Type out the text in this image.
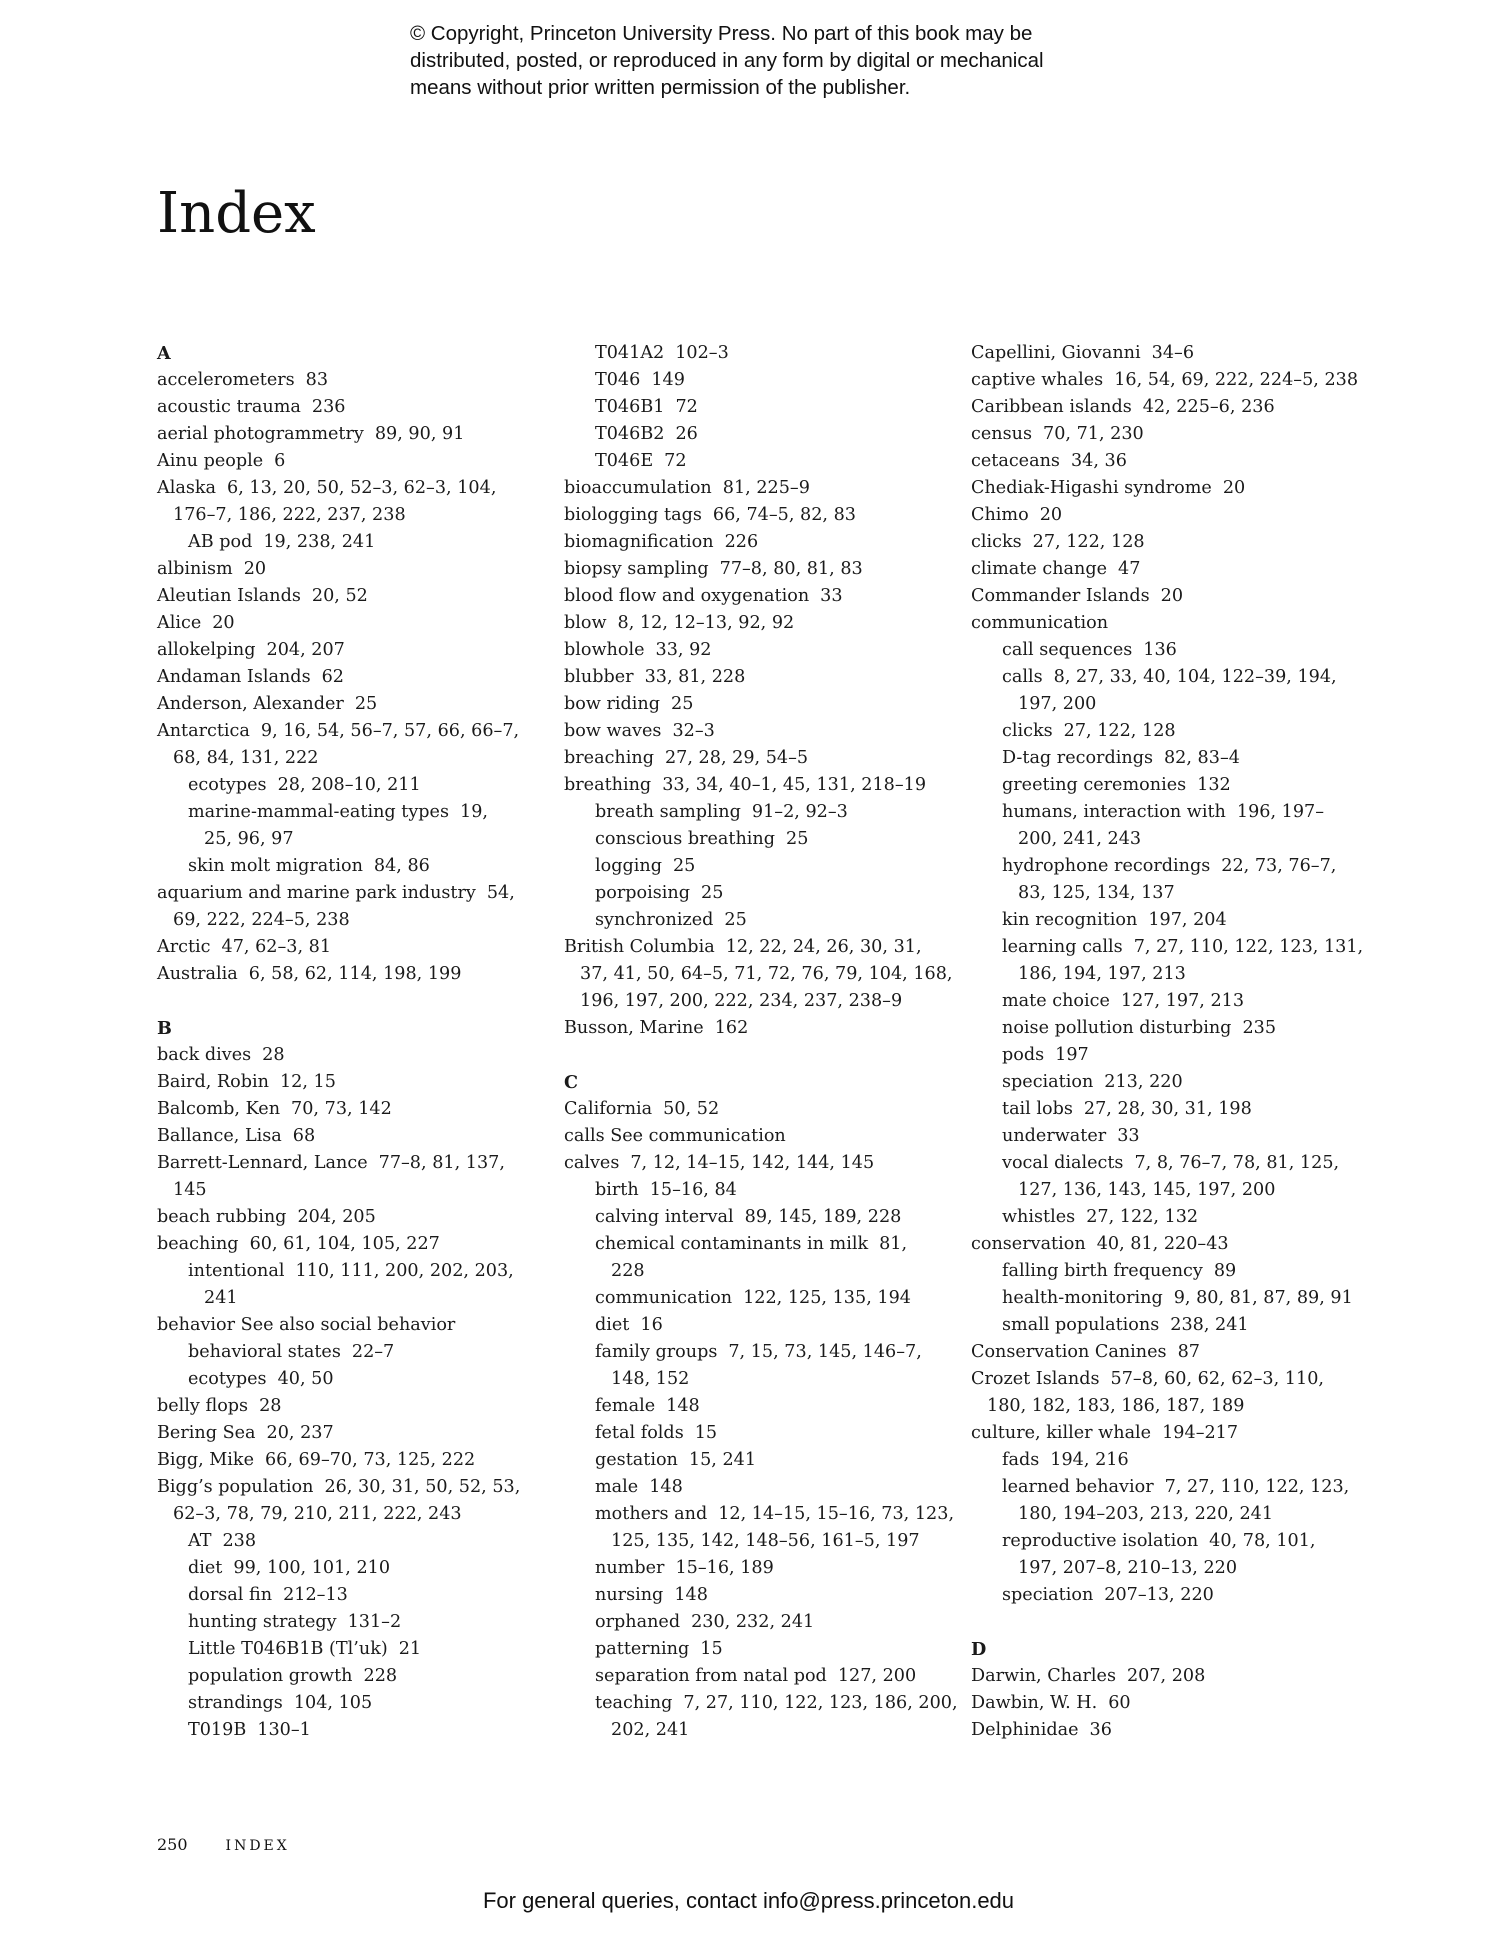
© Copyright, Princeton University Press. No part of this book may be
distributed, posted, or reproduced in any form by digital or mechanical
means without prior written permission of the publisher.
Index
A
accelerometers 83
acoustic trauma 236
aerial photogrammetry 89, 90, 91
Ainu people 6
Alaska 6, 13, 20, 50, 52–3, 62–3, 104,
176–7, 186, 222, 237, 238
AB pod 19, 238, 241
albinism 20
Aleutian Islands 20, 52
Alice 20
allokelping 204, 207
Andaman Islands 62
Anderson, Alexander 25
Antarctica 9, 16, 54, 56–7, 57, 66, 66–7,
68, 84, 131, 222
ecotypes 28, 208–10, 211
marine-mammal-eating types 19,
25, 96, 97
skin molt migration 84, 86
aquarium and marine park industry 54,
69, 222, 224–5, 238
Arctic 47, 62–3, 81
Australia 6, 58, 62, 114, 198, 199
B
back dives 28
Baird, Robin 12, 15
Balcomb, Ken 70, 73, 142
Ballance, Lisa 68
Barrett-Lennard, Lance 77–8, 81, 137,
145
beach rubbing 204, 205
beaching 60, 61, 104, 105, 227
intentional 110, 111, 200, 202, 203,
241
behavior See also social behavior
behavioral states 22–7
ecotypes 40, 50
belly flops 28
Bering Sea 20, 237
Bigg, Mike 66, 69–70, 73, 125, 222
Bigg’s population 26, 30, 31, 50, 52, 53,
62–3, 78, 79, 210, 211, 222, 243
AT 238
diet 99, 100, 101, 210
dorsal fin 212–13
hunting strategy 131–2
Little T046B1B (Tl’uk) 21
population growth 228
strandings 104, 105
T019B 130–1
T041A2 102–3
T046 149
T046B1 72
T046B2 26
T046E 72
bioaccumulation 81, 225–9
biologging tags 66, 74–5, 82, 83
biomagnification 226
biopsy sampling 77–8, 80, 81, 83
blood flow and oxygenation 33
blow 8, 12, 12–13, 92, 92
blowhole 33, 92
blubber 33, 81, 228
bow riding 25
bow waves 32–3
breaching 27, 28, 29, 54–5
breathing 33, 34, 40–1, 45, 131, 218–19
breath sampling 91–2, 92–3
conscious breathing 25
logging 25
porpoising 25
synchronized 25
British Columbia 12, 22, 24, 26, 30, 31,
37, 41, 50, 64–5, 71, 72, 76, 79, 104, 168,
196, 197, 200, 222, 234, 237, 238–9
Busson, Marine 162
C
California 50, 52
calls See communication
calves 7, 12, 14–15, 142, 144, 145
birth 15–16, 84
calving interval 89, 145, 189, 228
chemical contaminants in milk 81,
228
communication 122, 125, 135, 194
diet 16
family groups 7, 15, 73, 145, 146–7,
148, 152
female 148
fetal folds 15
gestation 15, 241
male 148
mothers and 12, 14–15, 15–16, 73, 123,
125, 135, 142, 148–56, 161–5, 197
number 15–16, 189
nursing 148
orphaned 230, 232, 241
patterning 15
separation from natal pod 127, 200
teaching 7, 27, 110, 122, 123, 186, 200,
202, 241
Capellini, Giovanni 34–6
captive whales 16, 54, 69, 222, 224–5, 238
Caribbean islands 42, 225–6, 236
census 70, 71, 230
cetaceans 34, 36
Chediak-Higashi syndrome 20
Chimo 20
clicks 27, 122, 128
climate change 47
Commander Islands 20
communication
call sequences 136
calls 8, 27, 33, 40, 104, 122–39, 194,
197, 200
clicks 27, 122, 128
D-tag recordings 82, 83–4
greeting ceremonies 132
humans, interaction with 196, 197–
200, 241, 243
hydrophone recordings 22, 73, 76–7,
83, 125, 134, 137
kin recognition 197, 204
learning calls 7, 27, 110, 122, 123, 131,
186, 194, 197, 213
mate choice 127, 197, 213
noise pollution disturbing 235
pods 197
speciation 213, 220
tail lobs 27, 28, 30, 31, 198
underwater 33
vocal dialects 7, 8, 76–7, 78, 81, 125,
127, 136, 143, 145, 197, 200
whistles 27, 122, 132
conservation 40, 81, 220–43
falling birth frequency 89
health-monitoring 9, 80, 81, 87, 89, 91
small populations 238, 241
Conservation Canines 87
Crozet Islands 57–8, 60, 62, 62–3, 110,
180, 182, 183, 186, 187, 189
culture, killer whale 194–217
fads 194, 216
learned behavior 7, 27, 110, 122, 123,
180, 194–203, 213, 220, 241
reproductive isolation 40, 78, 101,
197, 207–8, 210–13, 220
speciation 207–13, 220
D
Darwin, Charles 207, 208
Dawbin, W. H. 60
Delphinidae 36
250	INDEX
For general queries, contact info@press.princeton.edu
